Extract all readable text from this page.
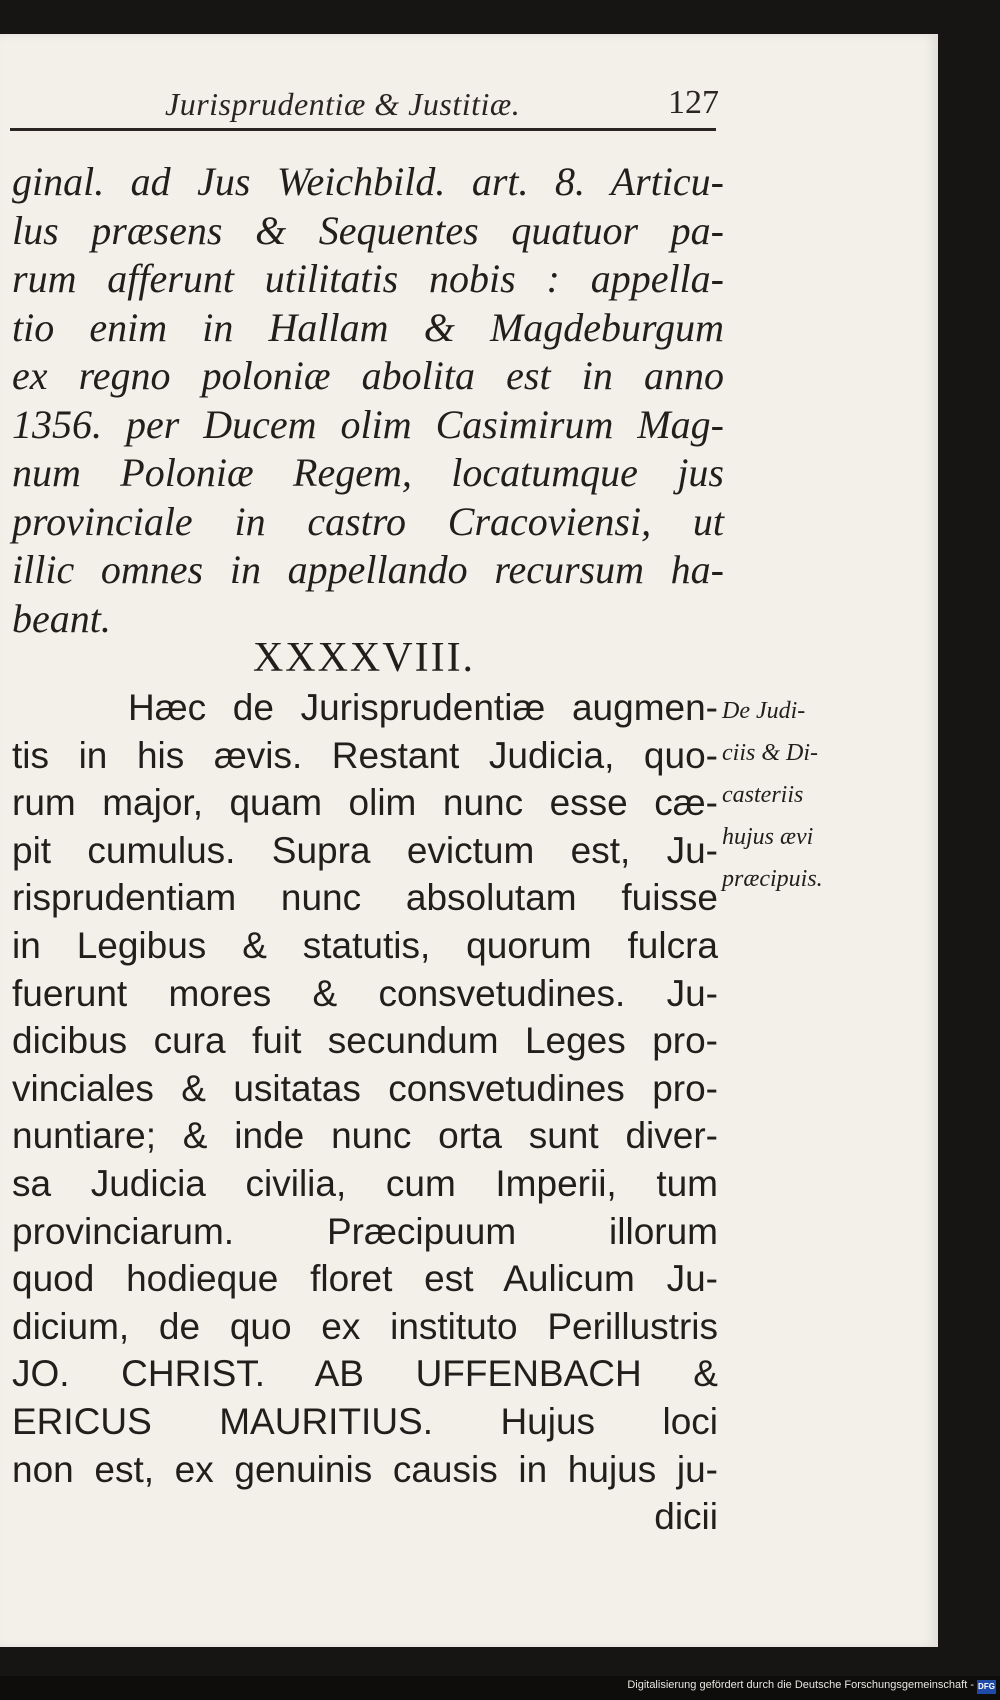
Jurisprudentiæ & Justitiæ.	127
ginal. ad Jus Weichbild. art. 8. Articu-
lus præsens & Sequentes quatuor pa-
rum afferunt utilitatis nobis : appella-
tio enim in Hallam & Magdeburgum
ex regno poloniæ abolita est in anno
1356. per Ducem olim Casimirum Mag-
num Poloniæ Regem, locatumque jus
provinciale in castro Cracoviensi, ut
illic omnes in appellando recursum ha-
beant.
XXXXVIII.
Hæc de Jurisprudentiæ augmen-
tis in his ævis. Restant Judicia, quo-
rum major, quam olim nunc esse cæ-
pit cumulus. Supra evictum est, Ju-
risprudentiam nunc absolutam fuisse
in Legibus & statutis, quorum fulcra
fuerunt mores & consvetudines. Ju-
dicibus cura fuit secundum Leges pro-
vinciales & usitatas consvetudines pro-
nuntiare; & inde nunc orta sunt diver-
sa Judicia civilia, cum Imperii, tum
provinciarum. Præcipuum illorum
quod hodieque floret est Aulicum Ju-
dicium, de quo ex instituto Perillustris
JO. CHRIST. AB UFFENBACH &
ERICUS MAURITIUS. Hujus loci
non est, ex genuinis causis in hujus ju-
dicii
De Judi-
ciis & Di-
casteriis
hujus ævi
præcipuis.
Digitalisierung gefördert durch die Deutsche Forschungsgemeinschaft - DFG
